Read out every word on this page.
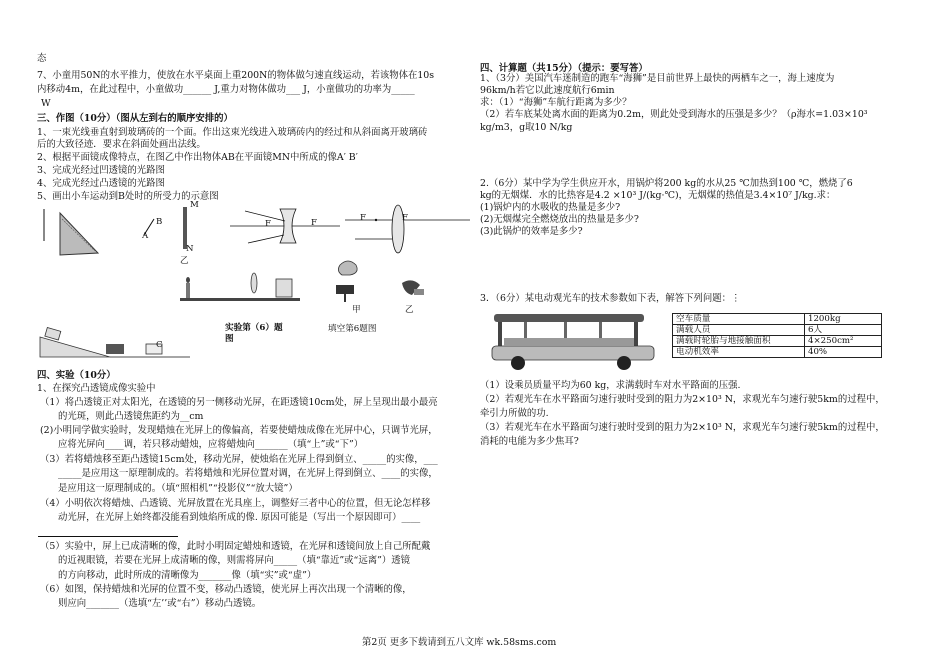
态
7、小童用50N的水平推力，使放在水平桌面上重200N的物体做匀速直线运动，若该物体在10s
内移动4m，在此过程中，小童做功______ J,重力对物体做功___ J，小童做功的功率为_____
W
三、作图（10分）（图从左到右的顺序安排的）
1、一束光线垂直射到玻璃砖的一个面。作出这束光线进入玻璃砖内的经过和从斜面离开玻璃砖
后的大致径迹．要求在斜面处画出法线。
2、根据平面镜成像特点，在图乙中作出物体AB在平面镜MN中所成的像A′ B′
3、完成光经过凹透镜的光路图
4、完成光经过凸透镜的光路图
5、画出小车运动到B处时的所受力的示意图
M
N
B
A
F	F	F	F
乙
甲	乙
C
实验第（6）题
图
填空第6题图
四、实验（10分）
1、在探究凸透镜成像实验中
（1）将凸透镜正对太阳光，在透镜的另一侧移动光屏，在距透镜10cm处，屏上呈现出最小最亮
的光斑，则此凸透镜焦距约为__cm
(2)小明同学做实验时，发现蜡烛在光屏上的像偏高，若要使蜡烛成像在光屏中心，只调节光屏，
应将光屏向____调，若只移动蜡烛，应将蜡烛向_______（填“上”或“下”）
（3）若将蜡烛移至距凸透镜15cm处，移动光屏，使烛焰在光屏上得到倒立、_____的实像，___
_____是应用这一原理制成的。若将蜡烛和光屏位置对调，在光屏上得到倒立、____的实像，
是应用这一原理制成的。（填“照相机”“投影仪”“放大镜”）
（4）小明依次将蜡烛、凸透镜、光屏放置在光具座上，调整好三者中心的位置，但无论怎样移
动光屏，在光屏上始终都没能看到烛焰所成的像. 原因可能是（写出一个原因即可）____
（5）实验中，屏上已成清晰的像，此时小明固定蜡烛和透镜，在光屏和透镜间放上自己所配戴
的近视眼镜，若要在光屏上成清晰的像，则需将屏向_____（填“靠近”或“远离”）透镜
的方向移动，此时所成的清晰像为_______像（填“实”或“虚”）
（6）如图，保持蜡烛和光屏的位置不变，移动凸透镜，使光屏上再次出现一个清晰的像，
则应向_______（选填“左’’或“右”）移动凸透镜。
四、计算题（共15分）（提示：要写答）
1、（3分）美国汽车迷制造的跑车“海狮”是目前世界上最快的两栖车之一，海上速度为
96km/h若它以此速度航行6min
求：（1）“海狮”车航行距离为多少？
（2）若车底某处离水面的距离为0.2m，则此处受到海水的压强是多少？（ρ海水=1.03×10³
kg/m3，g取10 N/kg
2.（6分）某中学为学生供应开水，用锅炉将200 kg的水从25 ℃加热到100 ℃，燃烧了6
kg的无烟煤．水的比热容是4.2 ×10³ J/(kg·℃)，无烟煤的热值是3.4×10⁷ J/kg.求：
(1)锅炉内的水吸收的热量是多少?
(2)无烟煤完全燃烧放出的热量是多少?
(3)此锅炉的效率是多少?
3．（6分）某电动观光车的技术参数如下表，解答下列问题：⋮
空车质量	1200kg
满载人员	6人
满载时轮胎与地接触面积	4×250cm²
电动机效率	40%
（1）设乘员质量平均为60 kg，求满载时车对水平路面的压强.
（2）若观光车在水平路面匀速行驶时受到的阻力为2×10³ N，求观光车匀速行驶5km的过程中，
牵引力所做的功.
（3）若观光车在水平路面匀速行驶时受到的阻力为2×10³ N，求观光车匀速行驶5km的过程中，
消耗的电能为多少焦耳?
第2页 更多下载请到五八文库 wk.58sms.com
